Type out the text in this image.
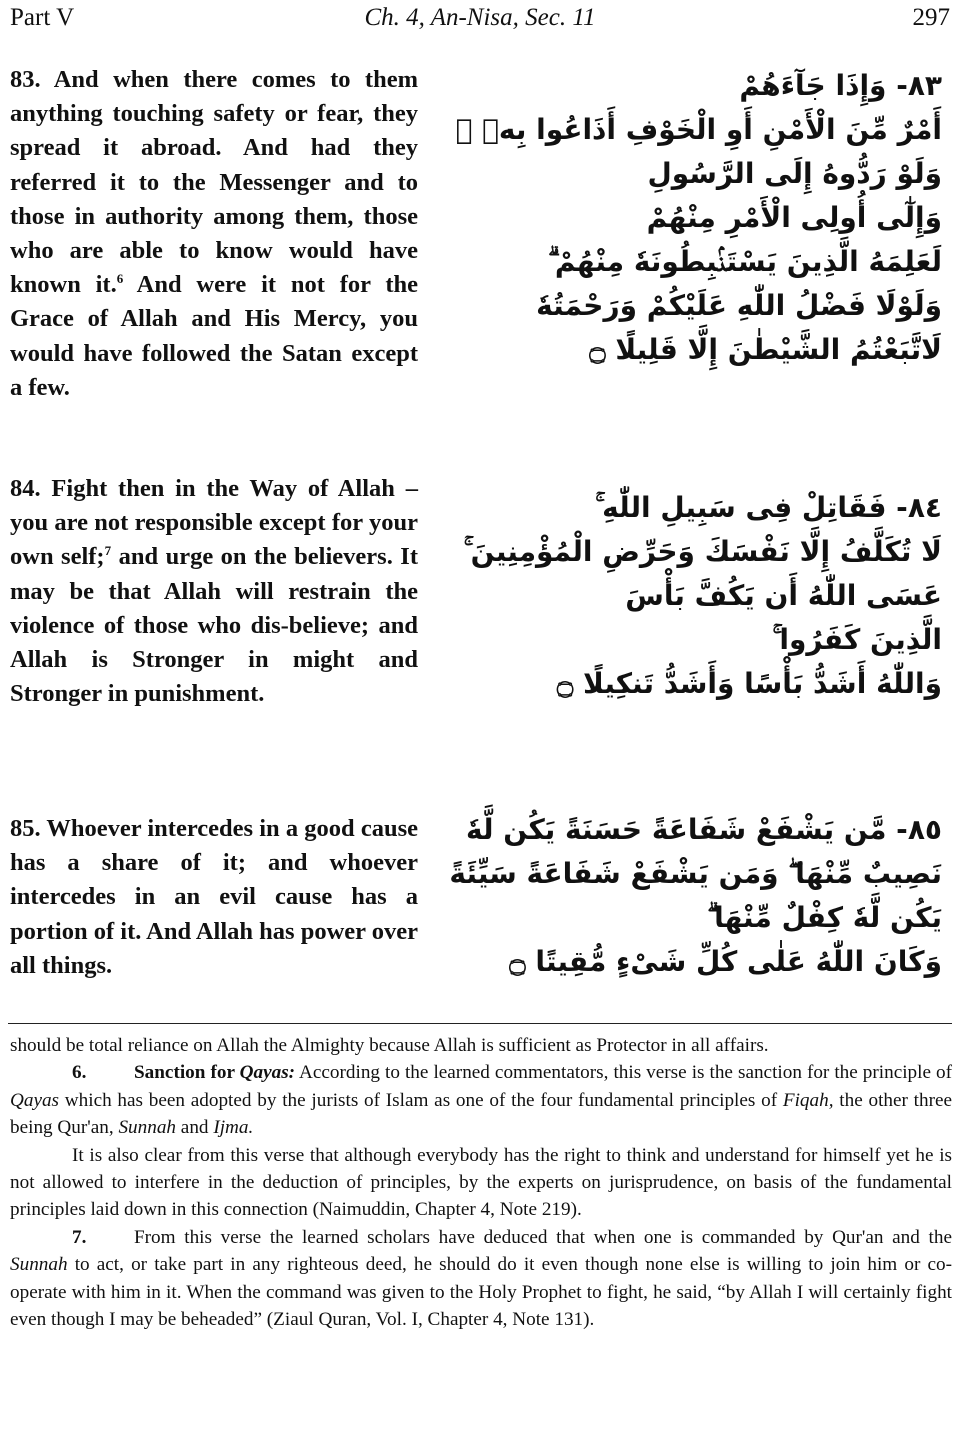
Part V	Ch. 4, An-Nisa, Sec. 11	297
83. And when there comes to them anything touching safety or fear, they spread it abroad. And had they referred it to the Messenger and to those in authority among them, those who are able to know would have known it.$^6$ And were it not for the Grace of Allah and His Mercy, you would have followed the Satan except a few.
٨٣- وَإِذَا جَآءَهُمْ
أَمْرٌ مِّنَ الْأَمْنِ أَوِ الْخَوْفِ أَذَاعُوا بِهٖ ۚ
وَلَوْ رَدُّوهُ إِلَى الرَّسُولِ
وَإِلٰٓى أُولِى الْأَمْرِ مِنْهُمْ
لَعَلِمَهُ الَّذِينَ يَسْتَنۢبِطُونَهٗ مِنْهُمْ ۗ
وَلَوْلَا فَضْلُ اللّٰهِ عَلَيْكُمْ وَرَحْمَتُهٗ
لَاتَّبَعْتُمُ الشَّيْطٰنَ إِلَّا قَلِيلًا ۝
84. Fight then in the Way of Allah – you are not responsible except for your own self;$^7$ and urge on the believers. It may be that Allah will restrain the violence of those who dis-believe; and Allah is Stronger in might and Stronger in punishment.
٨٤- فَقَاتِلْ فِى سَبِيلِ اللّٰهِ ۚ
لَا تُكَلَّفُ إِلَّا نَفْسَكَ وَحَرِّضِ الْمُؤْمِنِينَ ۚ
عَسَى اللّٰهُ أَن يَكُفَّ بَأْسَ
الَّذِينَ كَفَرُوا ۚ
وَاللّٰهُ أَشَدُّ بَأْسًا وَأَشَدُّ تَنكِيلًا ۝
85. Whoever intercedes in a good cause has a share of it; and whoever intercedes in an evil cause has a portion of it. And Allah has power over all things.
٨٥- مَّن يَشْفَعْ شَفَاعَةً حَسَنَةً يَكُن لَّهٗ
نَصِيبٌ مِّنْهَا ۖ وَمَن يَشْفَعْ شَفَاعَةً سَيِّئَةً
يَكُن لَّهٗ كِفْلٌ مِّنْهَا ۗ
وَكَانَ اللّٰهُ عَلٰى كُلِّ شَىْءٍ مُّقِيتًا ۝

should be total reliance on Allah the Almighty because Allah is sufficient as Protector in all affairs.

6. Sanction for Qayas: According to the learned commentators, this verse is the sanction for the principle of Qayas which has been adopted by the jurists of Islam as one of the four fundamental principles of Fiqah, the other three being Qur'an, Sunnah and Ijma.

It is also clear from this verse that although everybody has the right to think and understand for himself yet he is not allowed to interfere in the deduction of principles, by the experts on jurisprudence, on basis of the fundamental principles laid down in this connection (Naimuddin, Chapter 4, Note 219).

7. From this verse the learned scholars have deduced that when one is commanded by Qur'an and the Sunnah to act, or take part in any righteous deed, he should do it even though none else is willing to join him or co-operate with him in it. When the command was given to the Holy Prophet to fight, he said, “by Allah I will certainly fight even though I may be beheaded” (Ziaul Quran, Vol. I, Chapter 4, Note 131).
